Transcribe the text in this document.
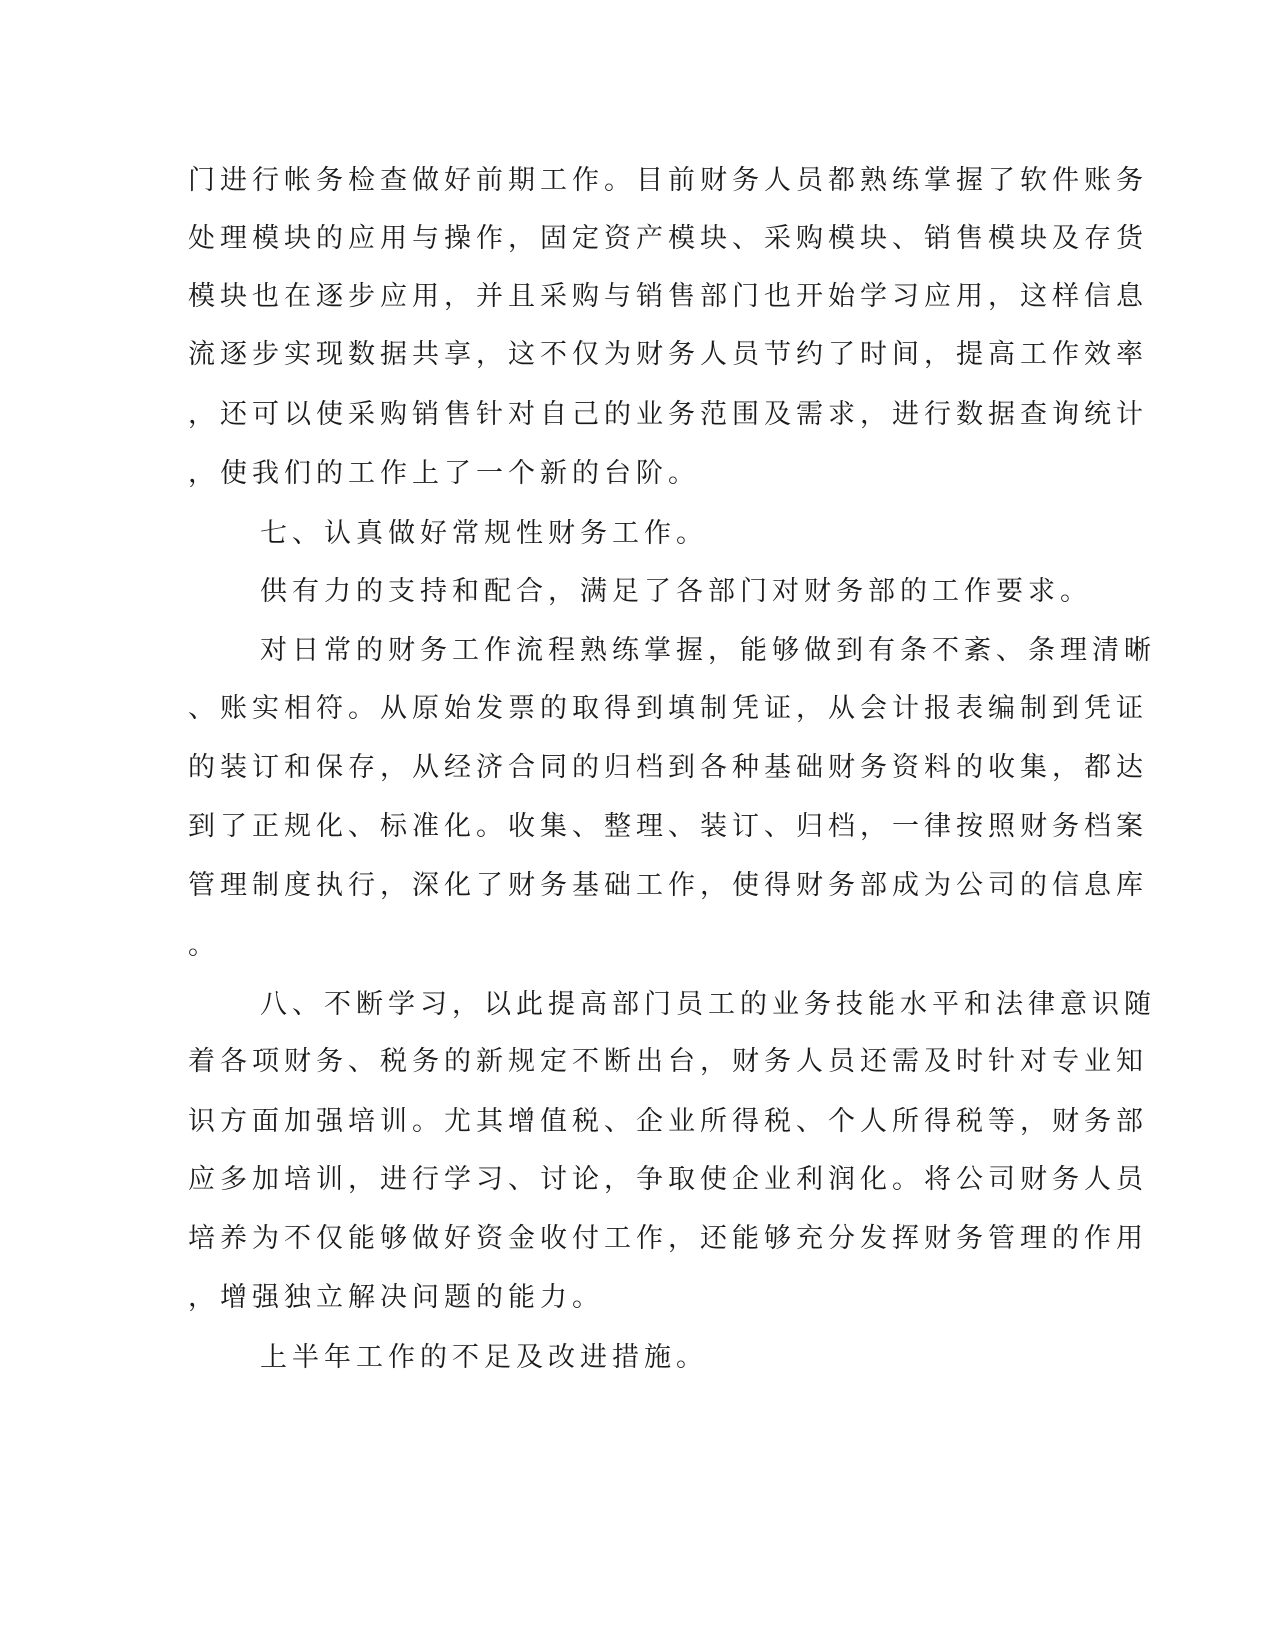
门进行帐务检查做好前期工作。目前财务人员都熟练掌握了软件账务

处理模块的应用与操作，固定资产模块、采购模块、销售模块及存货

模块也在逐步应用，并且采购与销售部门也开始学习应用，这样信息

流逐步实现数据共享，这不仅为财务人员节约了时间，提高工作效率

，还可以使采购销售针对自己的业务范围及需求，进行数据查询统计

，使我们的工作上了一个新的台阶。

七、认真做好常规性财务工作。

供有力的支持和配合，满足了各部门对财务部的工作要求。

对日常的财务工作流程熟练掌握，能够做到有条不紊、条理清晰

、账实相符。从原始发票的取得到填制凭证，从会计报表编制到凭证

的装订和保存，从经济合同的归档到各种基础财务资料的收集，都达

到了正规化、标准化。收集、整理、装订、归档，一律按照财务档案

管理制度执行，深化了财务基础工作，使得财务部成为公司的信息库

。

八、不断学习，以此提高部门员工的业务技能水平和法律意识随

着各项财务、税务的新规定不断出台，财务人员还需及时针对专业知

识方面加强培训。尤其增值税、企业所得税、个人所得税等，财务部

应多加培训，进行学习、讨论，争取使企业利润化。将公司财务人员

培养为不仅能够做好资金收付工作，还能够充分发挥财务管理的作用

，增强独立解决问题的能力。

上半年工作的不足及改进措施。
